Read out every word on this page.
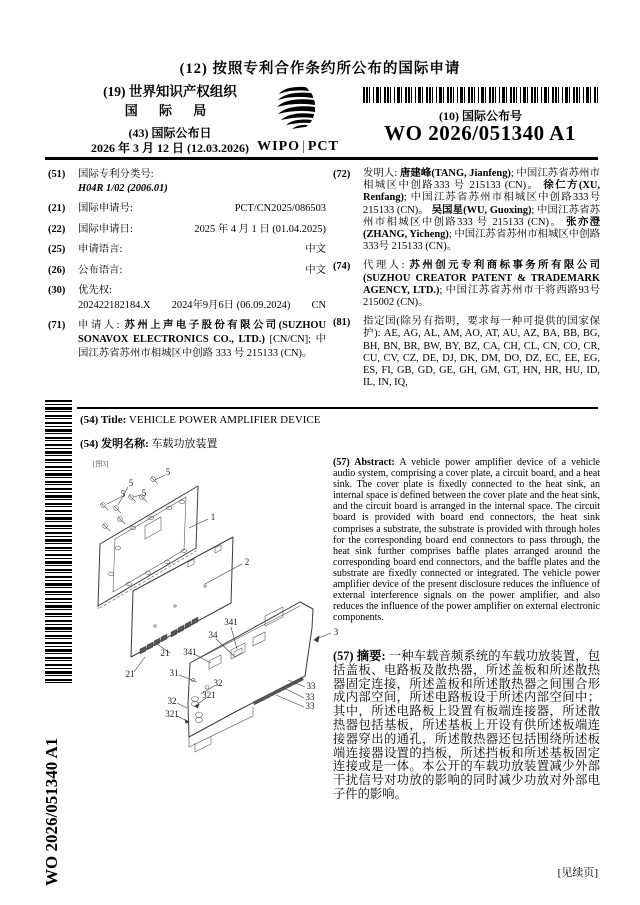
(12) 按照专利合作条约所公布的国际申请
(19) 世界知识产权组织
国 际 局
(43) 国际公布日
2026 年 3 月 12 日 (12.03.2026) WIPO | PCT
(10) 国际公布号
WO 2026/051340 A1
(51)	国际专利分类号:
H04R 1/02 (2006.01)
(21)	国际申请号:	PCT/CN2025/086503
(22)	国际申请日:	2025 年 4 月 1 日 (01.04.2025)
(25)	申请语言:	中文
(26)	公布语言:	中文
(30)	优先权:
202422182184.X 2024年9月6日 (06.09.2024) CN
(71)	申请人: 苏州上声电子股份有限公司(SUZHOU SONAVOX ELECTRONICS CO., LTD.) [CN/CN]; 中国江苏省苏州市相城区中创路 333 号 215133 (CN)。
(72)	发明人: 唐建峰(TANG, Jianfeng); 中国江苏省苏州市相城区中创路333 号 215133 (CN)。 徐仁方(XU, Renfang); 中国江苏省苏州市相城区中创路333号 215133 (CN)。 吴国星(WU, Guoxing); 中国江苏省苏州市相城区中创路333 号 215133 (CN)。 张亦澄(ZHANG, Yicheng); 中国江苏省苏州市相城区中创路333号 215133 (CN)。
(74)	代理人: 苏州创元专利商标事务所有限公司 (SUZHOU CREATOR PATENT & TRADEMARK AGENCY, LTD.); 中国江苏省苏州市干将西路93号 215002 (CN)。
(81)	指定国(除另有指明，要求每一种可提供的国家保护): AE, AG, AL, AM, AO, AT, AU, AZ, BA, BB, BG, BH, BN, BR, BW, BY, BZ, CA, CH, CL, CN, CO, CR, CU, CV, CZ, DE, DJ, DK, DM, DO, DZ, EC, EE, EG, ES, FI, GB, GD, GE, GH, GM, GT, HN, HR, HU, ID, IL, IN, IQ,
(54) Title: VEHICLE POWER AMPLIFIER DEVICE
(54) 发明名称: 车载功放装置
(57) Abstract: A vehicle power amplifier device of a vehicle audio system, comprising a cover plate, a circuit board, and a heat sink. The cover plate is fixedly connected to the heat sink, an internal space is defined between the cover plate and the heat sink, and the circuit board is arranged in the internal space. The circuit board is provided with board end connectors, the heat sink comprises a substrate, the substrate is provided with through holes for the corresponding board end connectors to pass through, the heat sink further comprises baffle plates arranged around the corresponding board end connectors, and the baffle plates and the substrate are fixedly connected or integrated. The vehicle power amplifier device of the present disclosure reduces the influence of external interference signals on the power amplifier, and also reduces the influence of the power amplifier on external electronic components.
(57) 摘要: 一种车载音频系统的车载功放装置，包括盖板、电路板及散热器，所述盖板和所述散热器固定连接，所述盖板和所述散热器之间围合形成内部空间，所述电路板设于所述内部空间中；其中，所述电路板上设置有板端连接器，所述散热器包括基板，所述基板上开设有供所述板端连接器穿出的通孔，所述散热器还包括围绕所述板端连接器设置的挡板，所述挡板和所述基板固定连接或是一体。本公开的车载功放装置减少外部干扰信号对功放的影响的同时减少功放对外部电子件的影响。
[图3]
5
5
5
5
1
2
3
341
34
341
21
21	31
32
321
32
321
33
33
33
WO 2026/051340 A1	[见续页]
